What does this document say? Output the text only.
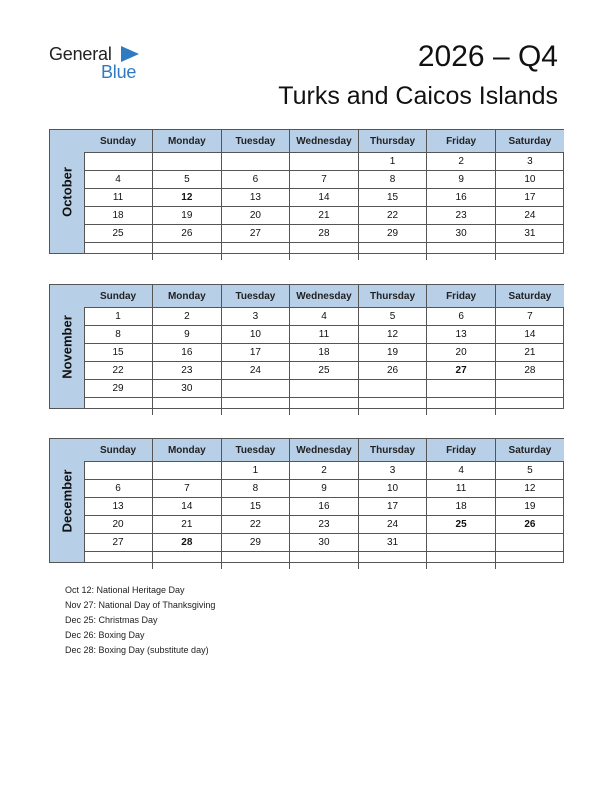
General
Blue	2026 – Q4
Turks and Caicos Islands
October
Sunday	Monday	Tuesday	Wednesday	Thursday	Friday	Saturday
				1	2	3
4	5	6	7	8	9	10
11	12	13	14	15	16	17
18	19	20	21	22	23	24
25	26	27	28	29	30	31

November
Sunday	Monday	Tuesday	Wednesday	Thursday	Friday	Saturday
1	2	3	4	5	6	7
8	9	10	11	12	13	14
15	16	17	18	19	20	21
22	23	24	25	26	27	28
29	30					

December
Sunday	Monday	Tuesday	Wednesday	Thursday	Friday	Saturday
		1	2	3	4	5
6	7	8	9	10	11	12
13	14	15	16	17	18	19
20	21	22	23	24	25	26
27	28	29	30	31		

Oct 12: National Heritage Day
Nov 27: National Day of Thanksgiving
Dec 25: Christmas Day
Dec 26: Boxing Day
Dec 28: Boxing Day (substitute day)
